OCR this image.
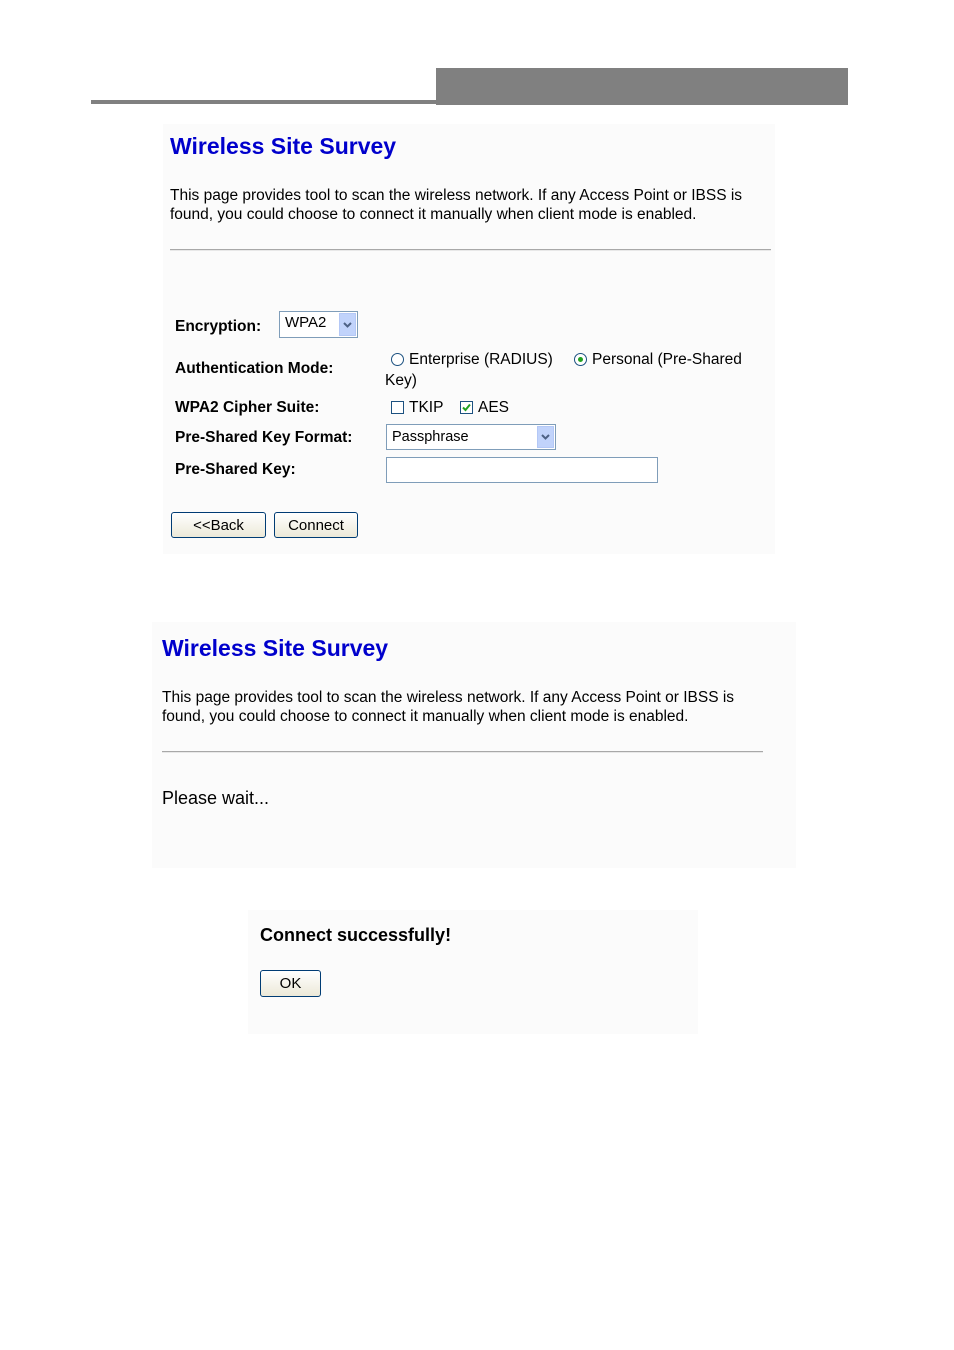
Wireless Site Survey
This page provides tool to scan the wireless network. If any Access Point or IBSS is found, you could choose to connect it manually when client mode is enabled.
Encryption: WPA2
Authentication Mode:
Enterprise (RADIUS)	Personal (Pre-Shared
Key)
WPA2 Cipher Suite:	TKIP AES
Pre-Shared Key Format:	Passphrase
Pre-Shared Key:
<<Back	Connect
Wireless Site Survey
This page provides tool to scan the wireless network. If any Access Point or IBSS is found, you could choose to connect it manually when client mode is enabled.
Please wait...
Connect successfully!
OK
